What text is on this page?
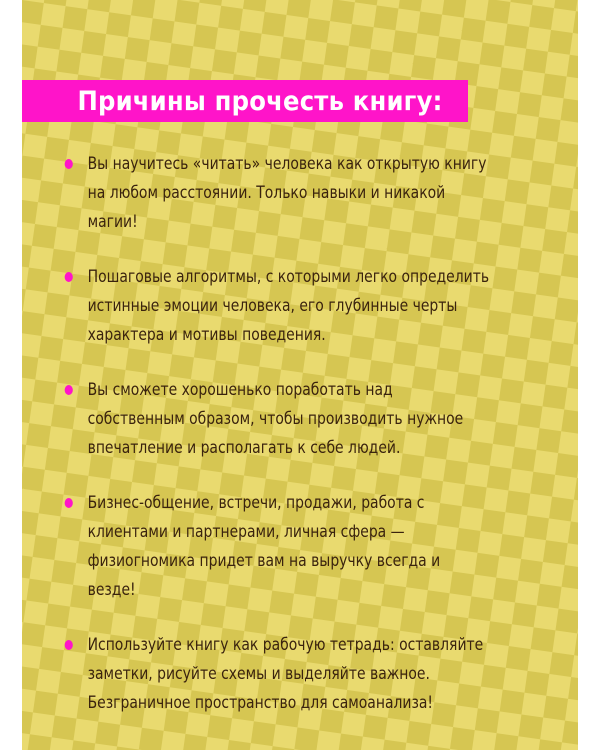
Причины прочесть книгу:
Вы научитесь «читать» человека как открытую книгу на любом расстоянии. Только навыки и никакой магии!
Пошаговые алгоритмы, с которыми легко определить истинные эмоции человека, его глубинные черты характера и мотивы поведения.
Вы сможете хорошенько поработать над собственным образом, чтобы производить нужное впечатление и располагать к себе людей.
Бизнес-общение, встречи, продажи, работа с клиентами и партнерами, личная сфера — физиогномика придет вам на выручку всегда и везде!
Используйте книгу как рабочую тетрадь: оставляйте заметки, рисуйте схемы и выделяйте важное. Безграничное пространство для самоанализа!
